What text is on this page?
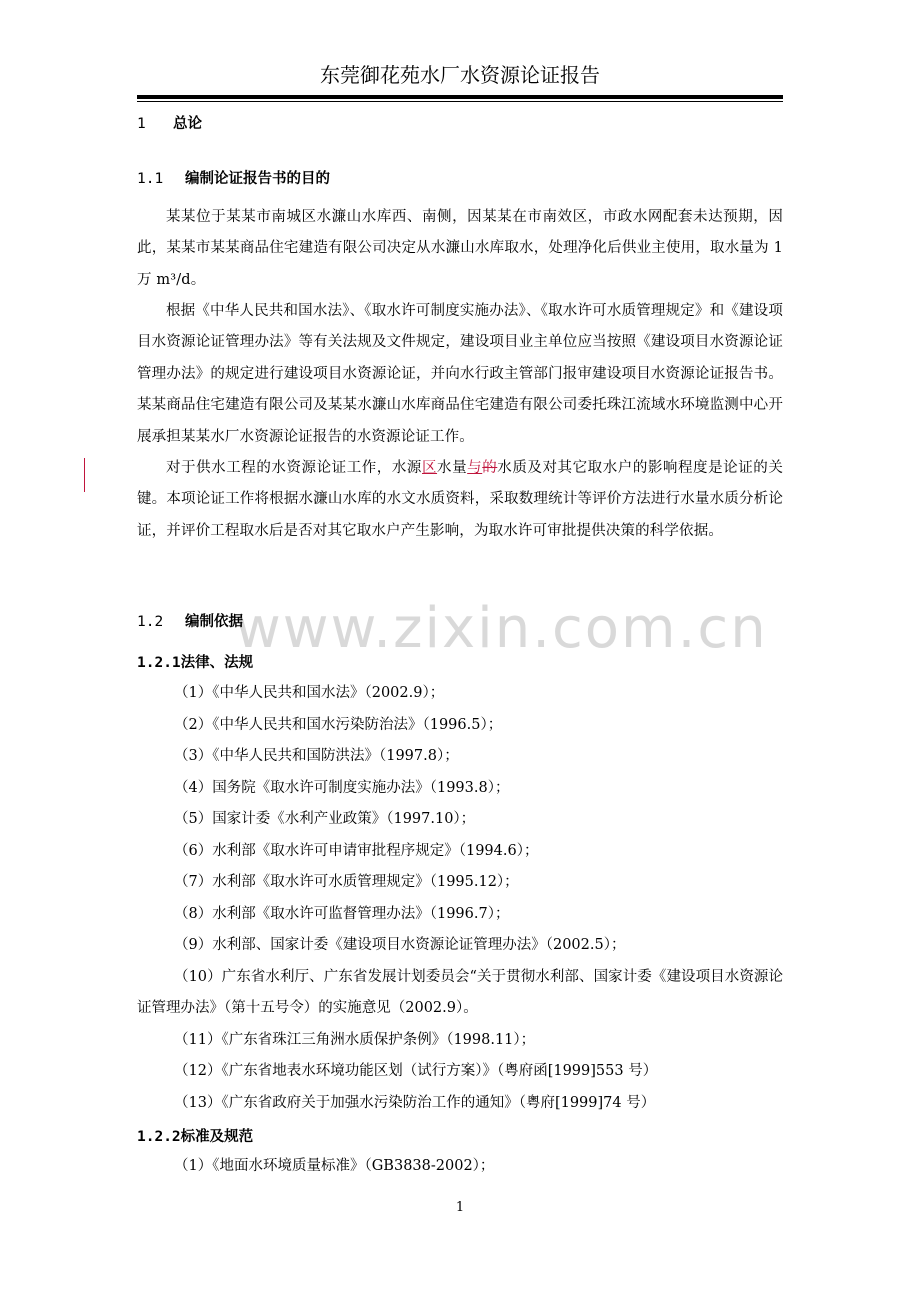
东莞御花苑水厂水资源论证报告
1 总论
1.1 编制论证报告书的目的

某某位于某某市南城区水濂山水库西、南侧，因某某在市南效区，市政水网配套未达预期，因此，某某市某某商品住宅建造有限公司决定从水濂山水库取水，处理净化后供业主使用，取水量为 1 万 m³/d。

根据《中华人民共和国水法》、《取水许可制度实施办法》、《取水许可水质管理规定》和《建设项目水资源论证管理办法》等有关法规及文件规定，建设项目业主单位应当按照《建设项目水资源论证管理办法》的规定进行建设项目水资源论证，并向水行政主管部门报审建设项目水资源论证报告书。某某商品住宅建造有限公司及某某水濂山水库商品住宅建造有限公司委托珠江流域水环境监测中心开展承担某某水厂水资源论证报告的水资源论证工作。

对于供水工程的水资源论证工作，水源区水量与的水质及对其它取水户的影响程度是论证的关键。本项论证工作将根据水濂山水库的水文水质资料，采取数理统计等评价方法进行水量水质分析论证，并评价工程取水后是否对其它取水户产生影响，为取水许可审批提供决策的科学依据。

www.zixin.com.cn
1.2 编制依据
1.2.1法律、法规

（1）《中华人民共和国水法》（2002.9）；

（2）《中华人民共和国水污染防治法》（1996.5）；

（3）《中华人民共和国防洪法》（1997.8）；

（4）国务院《取水许可制度实施办法》（1993.8）；

（5）国家计委《水利产业政策》（1997.10）；

（6）水利部《取水许可申请审批程序规定》（1994.6）；

（7）水利部《取水许可水质管理规定》（1995.12）；

（8）水利部《取水许可监督管理办法》（1996.7）；

（9）水利部、国家计委《建设项目水资源论证管理办法》（2002.5）；

（10）广东省水利厅、广东省发展计划委员会“关于贯彻水利部、国家计委《建设项目水资源论证管理办法》（第十五号令）的实施意见（2002.9）。

（11）《广东省珠江三角洲水质保护条例》（1998.11）；

（12）《广东省地表水环境功能区划（试行方案）》（粤府函[1999]553 号）

（13）《广东省政府关于加强水污染防治工作的通知》（粤府[1999]74 号）

1.2.2标准及规范

（1）《地面水环境质量标准》（GB3838-2002）；

1
